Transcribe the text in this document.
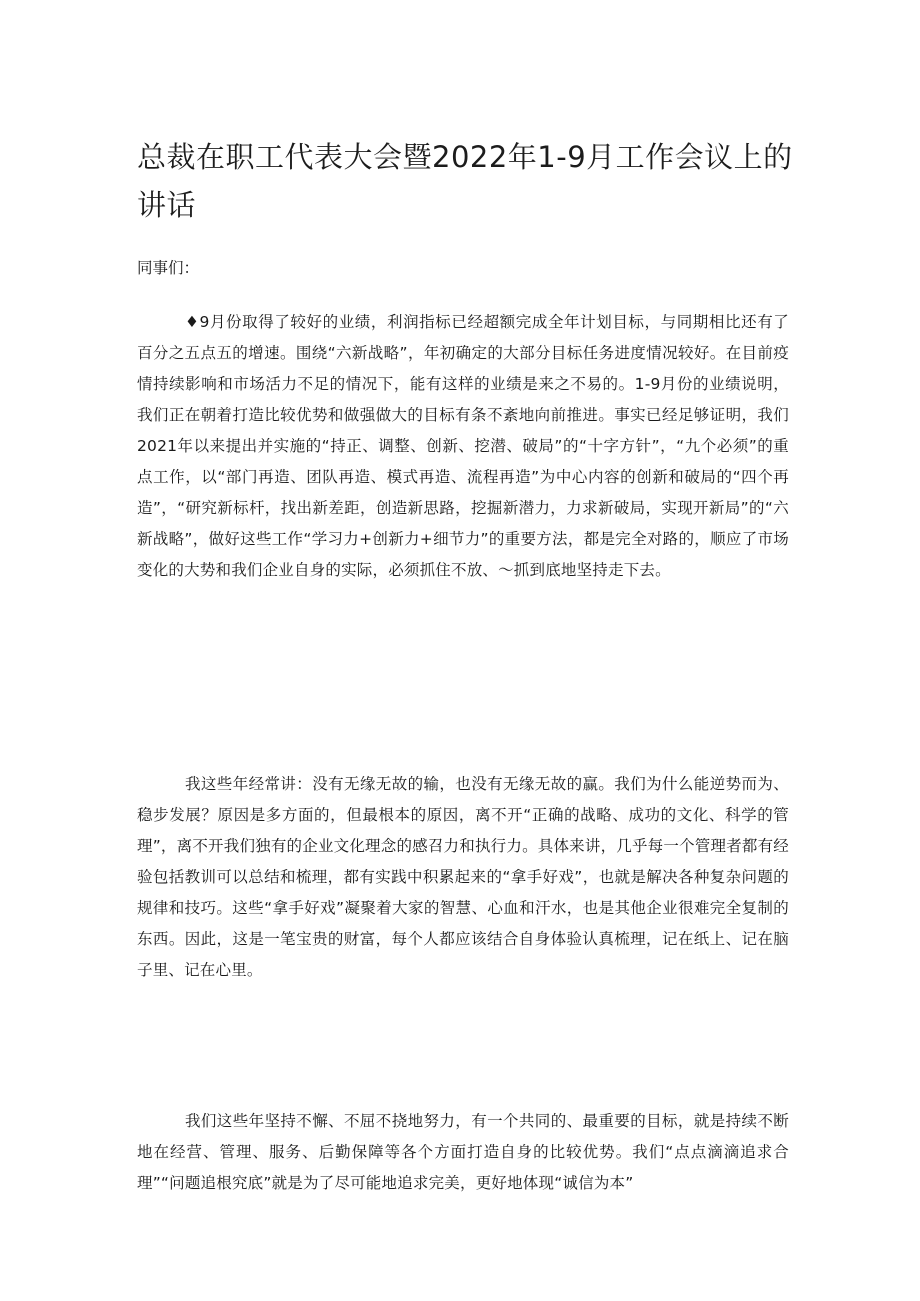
总裁在职工代表大会暨2022年1-9月工作会议上的讲话

同事们：

♦9月份取得了较好的业绩，利润指标已经超额完成全年计划目标，与同期相比还有了百分之五点五的增速。围绕“六新战略”，年初确定的大部分目标任务进度情况较好。在目前疫情持续影响和市场活力不足的情况下，能有这样的业绩是来之不易的。1-9月份的业绩说明，我们正在朝着打造比较优势和做强做大的目标有条不紊地向前推进。事实已经足够证明，我们2021年以来提出并实施的“持正、调整、创新、挖潜、破局”的“十字方针”，“九个必须”的重点工作，以“部门再造、团队再造、模式再造、流程再造”为中心内容的创新和破局的“四个再造”，“研究新标杆，找出新差距，创造新思路，挖掘新潜力，力求新破局，实现开新局”的“六新战略”，做好这些工作“学习力+创新力+细节力”的重要方法，都是完全对路的，顺应了市场变化的大势和我们企业自身的实际，必须抓住不放、〜抓到底地坚持走下去。

我这些年经常讲：没有无缘无故的输，也没有无缘无故的赢。我们为什么能逆势而为、稳步发展？原因是多方面的，但最根本的原因，离不开“正确的战略、成功的文化、科学的管理”，离不开我们独有的企业文化理念的感召力和执行力。具体来讲，几乎每一个管理者都有经验包括教训可以总结和梳理，都有实践中积累起来的“拿手好戏”，也就是解决各种复杂问题的规律和技巧。这些“拿手好戏”凝聚着大家的智慧、心血和汗水，也是其他企业很难完全复制的东西。因此，这是一笔宝贵的财富，每个人都应该结合自身体验认真梳理，记在纸上、记在脑子里、记在心里。

我们这些年坚持不懈、不屈不挠地努力，有一个共同的、最重要的目标，就是持续不断地在经营、管理、服务、后勤保障等各个方面打造自身的比较优势。我们“点点滴滴追求合理”“问题追根究底”就是为了尽可能地追求完美，更好地体现“诚信为本”
